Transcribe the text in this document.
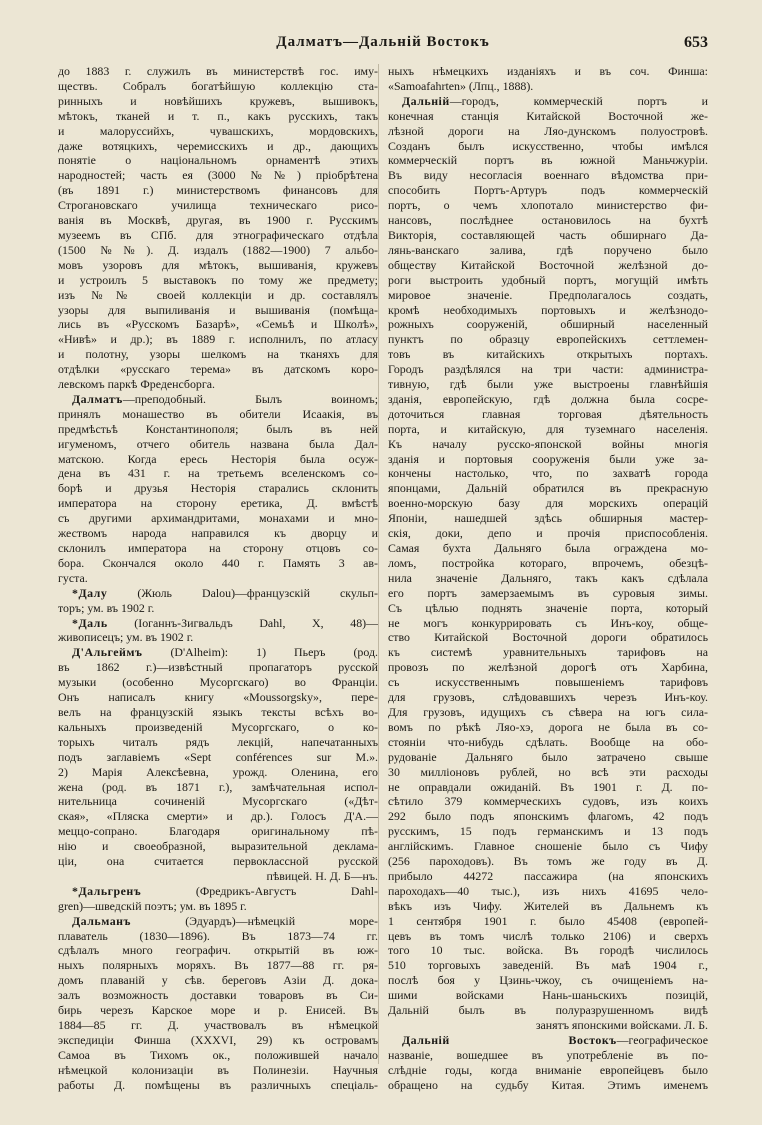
Далматъ—Дальній Востокъ	653
до 1883 г. служилъ въ министерствѣ гос. иму-
ществъ. Собралъ богатѣйшую коллекцію ста-
ринныхъ и новѣйшихъ кружевъ, вышивокъ,
мѣтокъ, тканей и т. п., какъ русскихъ, такъ
и малоруссийхъ, чувашскихъ, мордовскихъ,
даже вотяцкихъ, черемисскихъ и др., дающихъ
понятіе о національномъ орнаментѣ этихъ
народностей; часть ея (3000 №№) пріобрѣтена
(въ 1891 г.) министерствомъ финансовъ для
Строгановскаго училища техническаго рисо-
ванія въ Москвѣ, другая, въ 1900 г. Русскимъ
музеемъ въ СПб. для этнографическаго отдѣла
(1500 №№). Д. издалъ (1882—1900) 7 альбо-
мовъ узоровъ для мѣтокъ, вышиванія, кружевъ
и устроилъ 5 выставокъ по тому же предмету;
изъ №№ своей коллекціи и др. составлялъ
узоры для выпиливанія и вышиванія (помѣща-
лись въ «Русскомъ Базарѣ», «Семьѣ и Школѣ»,
«Нивѣ» и др.); въ 1889 г. исполнилъ, по атласу
и полотну, узоры шелкомъ на тканяхъ для
отдѣлки «русскаго терема» въ датскомъ коро-
левскомъ паркѣ Фреденсборга.
Далматъ—преподобный. Былъ воиномъ;
принялъ монашество въ обители Исаакія, въ
предмѣстьѣ Константинополя; былъ въ ней
игуменомъ, отчего обитель названа была Дал-
матскою. Когда ересь Несторія была осуж-
дена въ 431 г. на третьемъ вселенскомъ со-
борѣ и друзья Несторія старались склонить
императора на сторону еретика, Д. вмѣстѣ
съ другими архимандритами, монахами и мно-
жествомъ народа направился къ дворцу и
склонилъ императора на сторону отцовъ со-
бора. Скончался около 440 г. Память 3 ав-
густа.
*Далу (Жюль Dalou)—французскій скульп-
торъ; ум. въ 1902 г.
*Даль (Іоганнъ-Зигвальдъ Dahl, X, 48)—
живописецъ; ум. въ 1902 г.
Д'Альгеймъ (D'Alheim): 1) Пьеръ (род.
въ 1862 г.)—извѣстный пропагаторъ русской
музыки (особенно Мусоргскаго) во Франціи.
Онъ написалъ книгу «Moussorgsky», пере-
велъ на французскій языкъ тексты всѣхъ во-
кальныхъ произведеній Мусоргскаго, о ко-
торыхъ читалъ рядъ лекцій, напечатанныхъ
подъ заглавіемъ «Sept conférences sur M.».
2) Марія Алексѣевна, урожд. Оленина, его
жена (род. въ 1871 г.), замѣчательная испол-
нительница сочиненій Мусоргскаго («Дѣт-
ская», «Пляска смерти» и др.). Голосъ Д'А.—
меццо-сопрано. Благодаря оригинальному пѣ-
нію и своеобразной, выразительной деклама-
ціи, она считается первоклассной русской
пѣвицей. Н. Д. Б—нъ.
*Дальгренъ (Фредрикъ-Августъ Dahl-
gren)—шведскій поэтъ; ум. въ 1895 г.
Дальманъ (Эдуардъ)—нѣмецкій море-
плаватель (1830—1896). Въ 1873—74 гг.
сдѣлалъ много географич. открытій въ юж-
ныхъ полярныхъ моряхъ. Въ 1877—88 гг. ря-
домъ плаваній у сѣв. береговъ Азіи Д. дока-
залъ возможность доставки товаровъ въ Си-
бирь черезъ Карское море и р. Енисей. Въ
1884—85 гг. Д. участвовалъ въ нѣмецкой
экспедиціи Финша (XXXVI, 29) къ островамъ
Самоа въ Тихомъ ок., положившей начало
нѣмецкой колонизаціи въ Полинезіи. Научныя
работы Д. помѣщены въ различныхъ спеціаль-
ныхъ нѣмецкихъ изданіяхъ и въ соч. Финша:
«Samoafahrten» (Лпц., 1888).
Дальній—городъ, коммерческій портъ и
конечная станція Китайской Восточной же-
лѣзной дороги на Ляо-дунскомъ полуостровѣ.
Созданъ былъ искусственно, чтобы имѣлся
коммерческій портъ въ южной Маньчжуріи.
Въ виду несогласія военнаго вѣдомства при-
способить Портъ-Артуръ подъ коммерческій
портъ, о чемъ хлопотало министерство фи-
нансовъ, послѣднее остановилось на бухтѣ
Викторія, составляющей часть обширнаго Да-
лянь-ванскаго залива, гдѣ поручено было
обществу Китайской Восточной желѣзной до-
роги выстроить удобный портъ, могущій имѣть
мировое значеніе. Предполагалось создать,
кромѣ необходимыхъ портовыхъ и желѣзнодо-
рожныхъ сооруженій, обширный населенный
пунктъ по образцу европейскихъ сеттлемен-
товъ въ китайскихъ открытыхъ портахъ.
Городъ раздѣлялся на три части: администра-
тивную, гдѣ были уже выстроены главнѣйшія
зданія, европейскую, гдѣ должна была сосре-
доточиться главная торговая дѣятельность
порта, и китайскую, для туземнаго населенія.
Къ началу русско-японской войны многія
зданія и портовыя сооруженія были уже за-
кончены настолько, что, по захватѣ города
японцами, Дальній обратился въ прекрасную
военно-морскую базу для морскихъ операцій
Японіи, нашедшей здѣсь обширныя мастер-
скія, доки, депо и прочія приспособленія.
Самая бухта Дальняго была ограждена мо-
ломъ, постройка котораго, впрочемъ, обезцѣ-
нила значеніе Дальняго, такъ какъ сдѣлала
его портъ замерзаемымъ въ суровыя зимы.
Съ цѣлью поднять значеніе порта, который
не могъ конкуррировать съ Инъ-коу, обще-
ство Китайской Восточной дороги обратилось
къ системѣ уравнительныхъ тарифовъ на
провозъ по желѣзной дорогѣ отъ Харбина,
съ искусственнымъ повышеніемъ тарифовъ
для грузовъ, слѣдовавшихъ черезъ Инъ-коу.
Для грузовъ, идущихъ съ сѣвера на югъ сила-
вомъ по рѣкѣ Ляо-хэ, дорога не была въ со-
стояніи что-нибудь сдѣлать. Вообще на обо-
рудованіе Дальняго было затрачено свыше
30 милліоновъ рублей, но всѣ эти расходы
не оправдали ожиданій. Въ 1901 г. Д. по-
сѣтило 379 коммерческихъ судовъ, изъ коихъ
292 было подъ японскимъ флагомъ, 42 подъ
русскимъ, 15 подъ германскимъ и 13 подъ
англійскимъ. Главное сношеніе было съ Чифу
(256 пароходовъ). Въ томъ же году въ Д.
прибыло 44272 пассажира (на японскихъ
пароходахъ—40 тыс.), изъ нихъ 41695 чело-
вѣкъ изъ Чифу. Жителей въ Дальнемъ къ
1 сентября 1901 г. было 45408 (европей-
цевъ въ томъ числѣ только 2106) и сверхъ
того 10 тыс. войска. Въ городѣ числилось
510 торговыхъ заведеній. Въ маѣ 1904 г.,
послѣ боя у Цзинь-чжоу, съ очищеніемъ на-
шими войсками Нань-шаньскихъ позицій,
Дальній былъ въ полуразрушенномъ видѣ
занятъ японскими войсками. Л. Б.
Дальній Востокъ—географическое
названіе, вошедшее въ употребленіе въ по-
слѣдніе годы, когда вниманіе европейцевъ было
обращено на судьбу Китая. Этимъ именемъ
